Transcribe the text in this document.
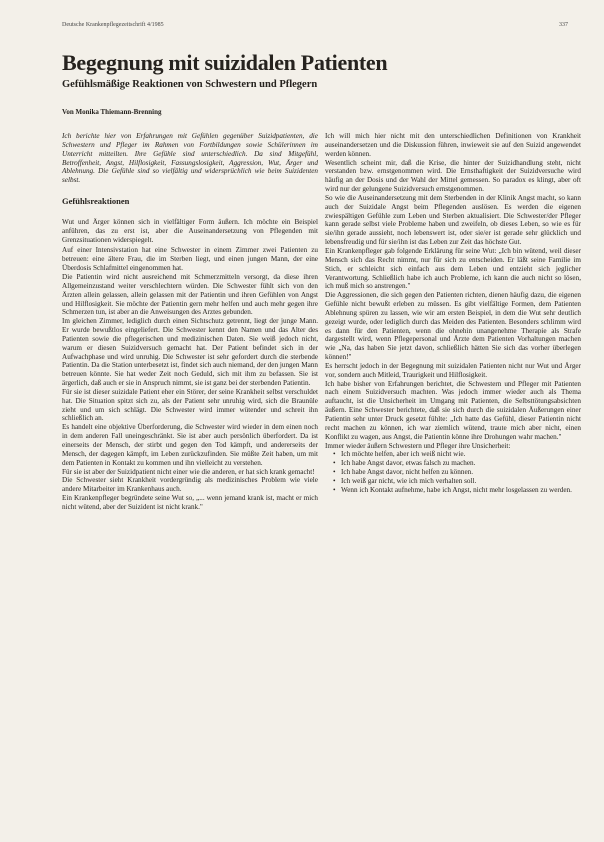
Deutsche Krankenpflegezeitschrift 4/1985	337
Begegnung mit suizidalen Patienten
Gefühlsmäßige Reaktionen von Schwestern und Pflegern

Von Monika Thiemann-Brenning

Ich berichte hier von Erfahrungen mit Gefühlen gegenüber Suizidpatienten, die Schwestern und Pfleger im Rahmen von Fortbildungen sowie Schülerinnen im Unterricht mitteilten. Ihre Gefühle sind unterschiedlich. Da sind Mitgefühl, Betroffenheit, Angst, Hilflosigkeit, Fassungslosigkeit, Aggression, Wut, Ärger und Ablehnung. Die Gefühle sind so vielfältig und widersprüchlich wie beim Suizidenten selbst.

Gefühlsreaktionen

Wut und Ärger können sich in vielfältiger Form äußern. Ich möchte ein Beispiel anführen, das zu erst ist, aber die Auseinandersetzung von Pflegenden mit Grenzsituationen widerspiegelt.

Auf einer Intensivstation hat eine Schwester in einem Zimmer zwei Patienten zu betreuen: eine ältere Frau, die im Sterben liegt, und einen jungen Mann, der eine Überdosis Schlafmittel eingenommen hat.

Die Patientin wird nicht ausreichend mit Schmerzmitteln versorgt, da diese ihren Allgemeinzustand weiter verschlechtern würden. Die Schwester fühlt sich von den Ärzten allein gelassen, allein gelassen mit der Patientin und ihren Gefühlen von Angst und Hilflosigkeit. Sie möchte der Patientin gern mehr helfen und auch mehr gegen ihre Schmerzen tun, ist aber an die Anweisungen des Arztes gebunden.

Im gleichen Zimmer, lediglich durch einen Sichtschutz getrennt, liegt der junge Mann. Er wurde bewußtlos eingeliefert. Die Schwester kennt den Namen und das Alter des Patienten sowie die pflegerischen und medizinischen Daten. Sie weiß jedoch nicht, warum er diesen Suizidversuch gemacht hat. Der Patient befindet sich in der Aufwachphase und wird unruhig. Die Schwester ist sehr gefordert durch die sterbende Patientin. Da die Station unterbesetzt ist, findet sich auch niemand, der den jungen Mann betreuen könnte. Sie hat weder Zeit noch Geduld, sich mit ihm zu befassen. Sie ist ärgerlich, daß auch er sie in Anspruch nimmt, sie ist ganz bei der sterbenden Patientin.

Für sie ist dieser suizidale Patient eher ein Störer, der seine Krankheit selbst verschuldet hat. Die Situation spitzt sich zu, als der Patient sehr unruhig wird, sich die Braunüle zieht und um sich schlägt. Die Schwester wird immer wütender und schreit ihn schließlich an.

Es handelt eine objektive Überforderung, die Schwester wird wieder in dem einen noch in dem anderen Fall uneingeschränkt. Sie ist aber auch persönlich überfordert. Da ist einerseits der Mensch, der stirbt und gegen den Tod kämpft, und andererseits der Mensch, der dagegen kämpft, im Leben zurückzufinden. Sie müßte Zeit haben, um mit dem Patienten in Kontakt zu kommen und ihn vielleicht zu verstehen.

Für sie ist aber der Suizidpatient nicht einer wie die anderen, er hat sich krank gemacht!

Die Schwester sieht Krankheit vordergründig als medizinisches Problem wie viele andere Mitarbeiter im Krankenhaus auch.

Ein Krankenpfleger begründete seine Wut so, „... wenn jemand krank ist, macht er mich nicht wütend, aber der Suizident ist nicht krank."

Ich will mich hier nicht mit den unterschiedlichen Definitionen von Krankheit auseinandersetzen und die Diskussion führen, inwieweit sie auf den Suizid angewendet werden können.

Wesentlich scheint mir, daß die Krise, die hinter der Suizidhandlung steht, nicht verstanden bzw. ernstgenommen wird. Die Ernsthaftigkeit der Suizidversuche wird häufig an der Dosis und der Wahl der Mittel gemessen. So paradox es klingt, aber oft wird nur der gelungene Suizidversuch ernstgenommen.

So wie die Auseinandersetzung mit dem Sterbenden in der Klinik Angst macht, so kann auch der Suizidale Angst beim Pflegenden auslösen. Es werden die eigenen zwiespältigen Gefühle zum Leben und Sterben aktualisiert. Die Schwester/der Pfleger kann gerade selbst viele Probleme haben und zweifeln, ob dieses Leben, so wie es für sie/ihn gerade aussieht, noch lebenswert ist, oder sie/er ist gerade sehr glücklich und lebensfreudig und für sie/ihn ist das Leben zur Zeit das höchste Gut.

Ein Krankenpfleger gab folgende Erklärung für seine Wut: „Ich bin wütend, weil dieser Mensch sich das Recht nimmt, nur für sich zu entscheiden. Er läßt seine Familie im Stich, er schleicht sich einfach aus dem Leben und entzieht sich jeglicher Verantwortung. Schließlich habe ich auch Probleme, ich kann die auch nicht so lösen, ich muß mich so anstrengen."

Die Aggressionen, die sich gegen den Patienten richten, dienen häufig dazu, die eigenen Gefühle nicht bewußt erleben zu müssen. Es gibt vielfältige Formen, dem Patienten Ablehnung spüren zu lassen, wie wir am ersten Beispiel, in dem die Wut sehr deutlich gezeigt wurde, oder lediglich durch das Meiden des Patienten. Besonders schlimm wird es dann für den Patienten, wenn die ohnehin unangenehme Therapie als Strafe dargestellt wird, wenn Pflegepersonal und Ärzte dem Patienten Vorhaltungen machen wie „Na, das haben Sie jetzt davon, schließlich hätten Sie sich das vorher überlegen können!"

Es herrscht jedoch in der Begegnung mit suizidalen Patienten nicht nur Wut und Ärger vor, sondern auch Mitleid, Traurigkeit und Hilflosigkeit.

Ich habe bisher von Erfahrungen berichtet, die Schwestern und Pfleger mit Patienten nach einem Suizidversuch machten. Was jedoch immer wieder auch als Thema auftaucht, ist die Unsicherheit im Umgang mit Patienten, die Selbsttötungsabsichten äußern. Eine Schwester berichtete, daß sie sich durch die suizidalen Äußerungen einer Patientin sehr unter Druck gesetzt fühlte: „Ich hatte das Gefühl, dieser Patientin nicht recht machen zu können, ich war ziemlich wütend, traute mich aber nicht, einen Konflikt zu wagen, aus Angst, die Patientin könne ihre Drohungen wahr machen."

Immer wieder äußern Schwestern und Pfleger ihre Unsicherheit:

• Ich möchte helfen, aber ich weiß nicht wie.
• Ich habe Angst davor, etwas falsch zu machen.
• Ich habe Angst davor, nicht helfen zu können.
• Ich weiß gar nicht, wie ich mich verhalten soll.
• Wenn ich Kontakt aufnehme, habe ich Angst, nicht mehr losgelassen zu werden.
